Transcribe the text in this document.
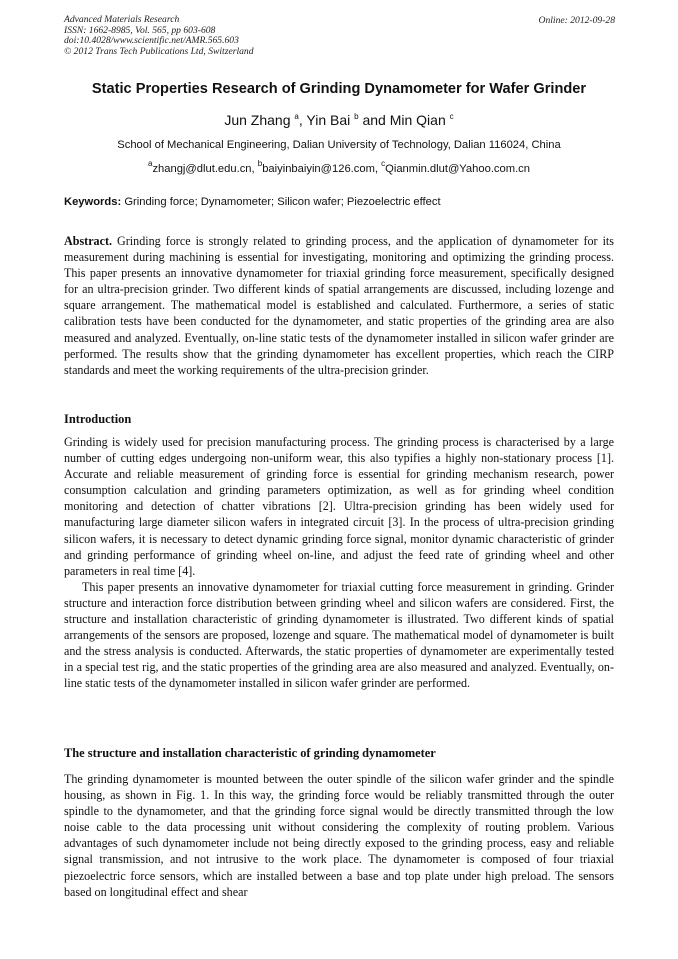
Advanced Materials Research
ISSN: 1662-8985, Vol. 565, pp 603-608
doi:10.4028/www.scientific.net/AMR.565.603
© 2012 Trans Tech Publications Ltd, Switzerland
Online: 2012-09-28
Static Properties Research of Grinding Dynamometer for Wafer Grinder
Jun Zhang $^a$, Yin Bai $^b$ and Min Qian $^c$
School of Mechanical Engineering, Dalian University of Technology, Dalian 116024, China
$^a$zhangj@dlut.edu.cn, $^b$baiyinbaiyin@126.com, $^c$Qianmin.dlut@Yahoo.com.cn
Keywords: Grinding force; Dynamometer; Silicon wafer; Piezoelectric effect
Abstract. Grinding force is strongly related to grinding process, and the application of dynamometer for its measurement during machining is essential for investigating, monitoring and optimizing the grinding process. This paper presents an innovative dynamometer for triaxial grinding force measurement, specifically designed for an ultra-precision grinder. Two different kinds of spatial arrangements are discussed, including lozenge and square arrangement. The mathematical model is established and calculated. Furthermore, a series of static calibration tests have been conducted for the dynamometer, and static properties of the grinding area are also measured and analyzed. Eventually, on-line static tests of the dynamometer installed in silicon wafer grinder are performed. The results show that the grinding dynamometer has excellent properties, which reach the CIRP standards and meet the working requirements of the ultra-precision grinder.
Introduction
Grinding is widely used for precision manufacturing process. The grinding process is characterised by a large number of cutting edges undergoing non-uniform wear, this also typifies a highly non-stationary process [1]. Accurate and reliable measurement of grinding force is essential for grinding mechanism research, power consumption calculation and grinding parameters optimization, as well as for grinding wheel condition monitoring and detection of chatter vibrations [2]. Ultra-precision grinding has been widely used for manufacturing large diameter silicon wafers in integrated circuit [3]. In the process of ultra-precision grinding silicon wafers, it is necessary to detect dynamic grinding force signal, monitor dynamic characteristic of grinder and grinding performance of grinding wheel on-line, and adjust the feed rate of grinding wheel and other parameters in real time [4].
This paper presents an innovative dynamometer for triaxial cutting force measurement in grinding. Grinder structure and interaction force distribution between grinding wheel and silicon wafers are considered. First, the structure and installation characteristic of grinding dynamometer is illustrated. Two different kinds of spatial arrangements of the sensors are proposed, lozenge and square. The mathematical model of dynamometer is built and the stress analysis is conducted. Afterwards, the static properties of dynamometer are experimentally tested in a special test rig, and the static properties of the grinding area are also measured and analyzed. Eventually, on-line static tests of the dynamometer installed in silicon wafer grinder are performed.
The structure and installation characteristic of grinding dynamometer
The grinding dynamometer is mounted between the outer spindle of the silicon wafer grinder and the spindle housing, as shown in Fig. 1. In this way, the grinding force would be reliably transmitted through the outer spindle to the dynamometer, and that the grinding force signal would be directly transmitted through the low noise cable to the data processing unit without considering the complexity of routing problem. Various advantages of such dynamometer include not being directly exposed to the grinding process, easy and reliable signal transmission, and not intrusive to the work place. The dynamometer is composed of four triaxial piezoelectric force sensors, which are installed between a base and top plate under high preload. The sensors based on longitudinal effect and shear
